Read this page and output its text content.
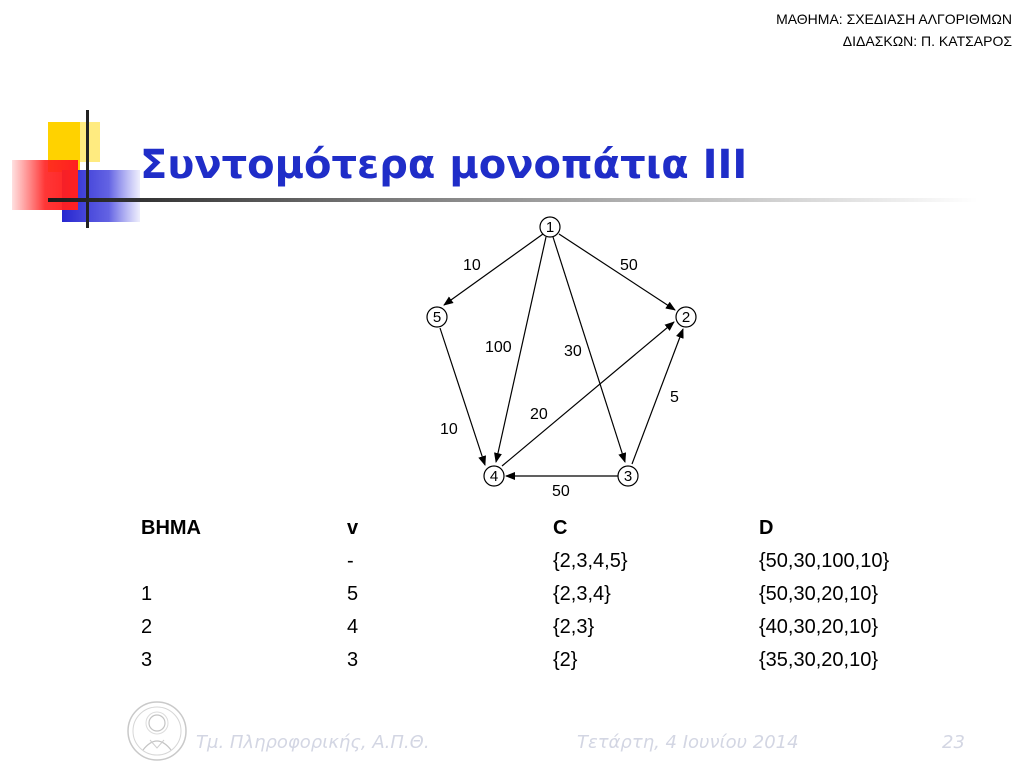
ΜΑΘΗΜΑ: ΣΧΕΔΙΑΣΗ ΑΛΓΟΡΙΘΜΩΝ
ΔΙΔΑΣΚΩΝ: Π. ΚΑΤΣΑΡΟΣ
Συντομότερα μονοπάτια ΙΙΙ
10	50
100	30
10
20
5
50
1
2
3
4
5
ΒΗΜΑ	v	C	D
	-	{2,3,4,5}	{50,30,100,10}
1	5	{2,3,4}	{50,30,20,10}
2	4	{2,3}	{40,30,20,10}
3	3	{2}	{35,30,20,10}
Τμ. Πληροφορικής, Α.Π.Θ.	Τετάρτη, 4 Ιουνίου 2014	23
